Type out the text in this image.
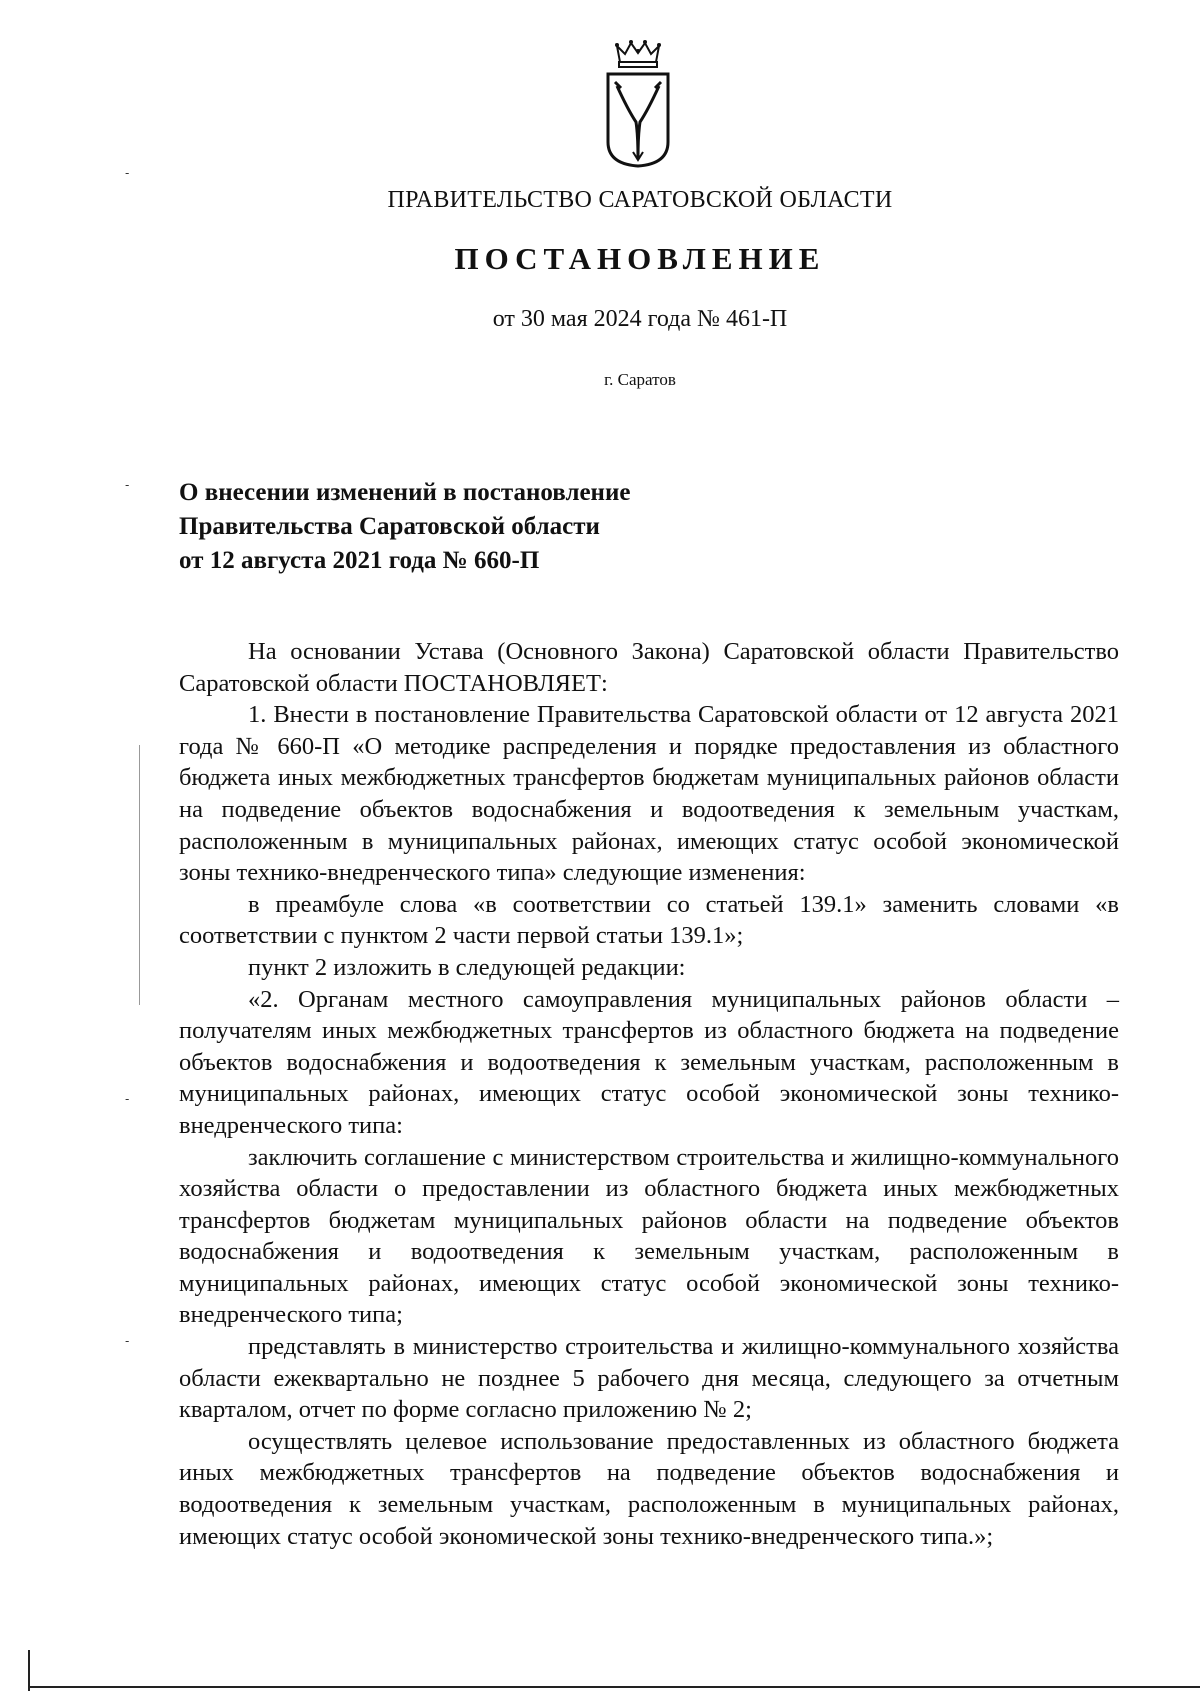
ПРАВИТЕЛЬСТВО САРАТОВСКОЙ ОБЛАСТИ
ПОСТАНОВЛЕНИЕ
от 30 мая 2024 года № 461-П
г. Саратов
О внесении изменений в постановление
Правительства Саратовской области
от 12 августа 2021 года № 660-П

На основании Устава (Основного Закона) Саратовской области Правительство Саратовской области ПОСТАНОВЛЯЕТ:

1. Внести в постановление Правительства Саратовской области от 12 августа 2021 года № 660-П «О методике распределения и порядке предоставления из областного бюджета иных межбюджетных трансфертов бюджетам муниципальных районов области на подведение объектов водоснабжения и водоотведения к земельным участкам, расположенным в муниципальных районах, имеющих статус особой экономической зоны технико-внедренческого типа» следующие изменения:

в преамбуле слова «в соответствии со статьей 139.1» заменить словами «в соответствии с пунктом 2 части первой статьи 139.1»;

пункт 2 изложить в следующей редакции:

«2. Органам местного самоуправления муниципальных районов области – получателям иных межбюджетных трансфертов из областного бюджета на подведение объектов водоснабжения и водоотведения к земельным участкам, расположенным в муниципальных районах, имеющих статус особой экономической зоны технико-внедренческого типа:

заключить соглашение с министерством строительства и жилищно-коммунального хозяйства области о предоставлении из областного бюджета иных межбюджетных трансфертов бюджетам муниципальных районов области на подведение объектов водоснабжения и водоотведения к земельным участкам, расположенным в муниципальных районах, имеющих статус особой экономической зоны технико-внедренческого типа;

представлять в министерство строительства и жилищно-коммунального хозяйства области ежеквартально не позднее 5 рабочего дня месяца, следующего за отчетным кварталом, отчет по форме согласно приложению № 2;

осуществлять целевое использование предоставленных из областного бюджета иных межбюджетных трансфертов на подведение объектов водоснабжения и водоотведения к земельным участкам, расположенным в муниципальных районах, имеющих статус особой экономической зоны технико-внедренческого типа.»;

-
-
-
-
